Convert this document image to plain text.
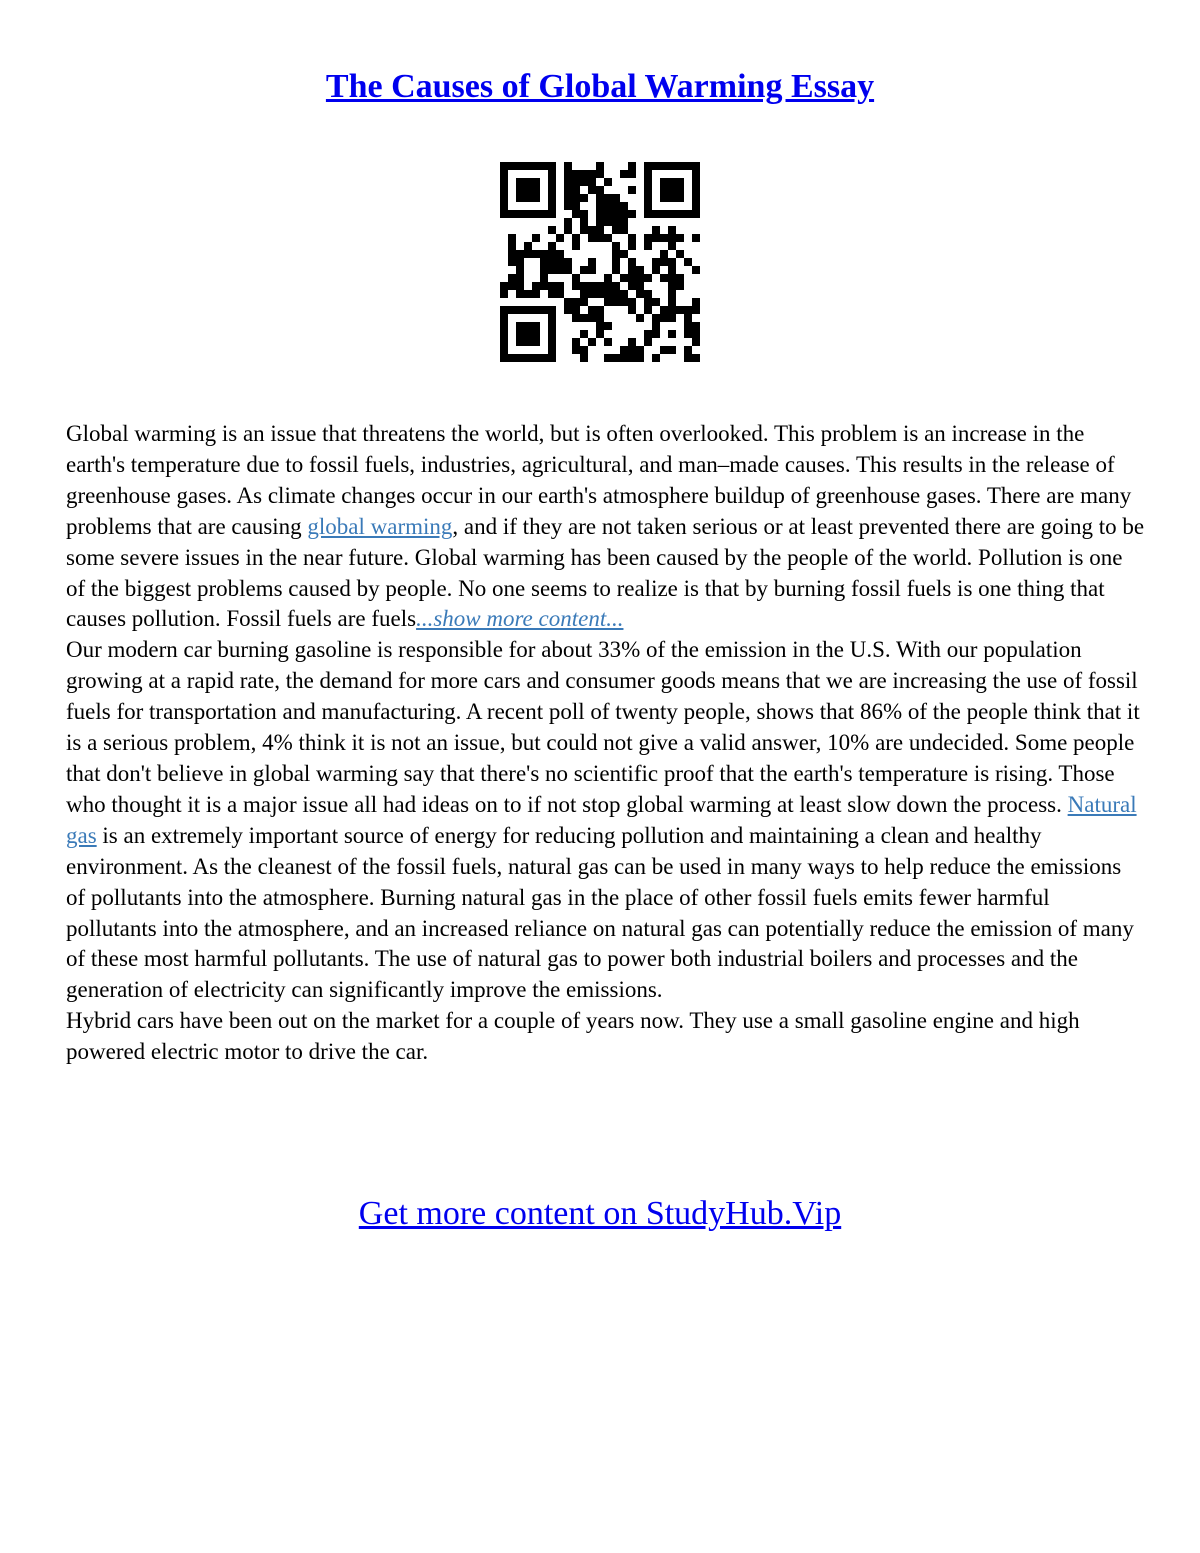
The Causes of Global Warming Essay

Global warming is an issue that threatens the world, but is often overlooked. This problem is an increase in the earth's temperature due to fossil fuels, industries, agricultural, and man–made causes. This results in the release of greenhouse gases. As climate changes occur in our earth's atmosphere buildup of greenhouse gases. There are many problems that are causing global warming, and if they are not taken serious or at least prevented there are going to be some severe issues in the near future. Global warming has been caused by the people of the world. Pollution is one of the biggest problems caused by people. No one seems to realize is that by burning fossil fuels is one thing that causes pollution. Fossil fuels are fuels...show more content...

Our modern car burning gasoline is responsible for about 33% of the emission in the U.S. With our population growing at a rapid rate, the demand for more cars and consumer goods means that we are increasing the use of fossil fuels for transportation and manufacturing. A recent poll of twenty people, shows that 86% of the people think that it is a serious problem, 4% think it is not an issue, but could not give a valid answer, 10% are undecided. Some people that don't believe in global warming say that there's no scientific proof that the earth's temperature is rising. Those who thought it is a major issue all had ideas on to if not stop global warming at least slow down the process. Natural gas is an extremely important source of energy for reducing pollution and maintaining a clean and healthy environment. As the cleanest of the fossil fuels, natural gas can be used in many ways to help reduce the emissions of pollutants into the atmosphere. Burning natural gas in the place of other fossil fuels emits fewer harmful pollutants into the atmosphere, and an increased reliance on natural gas can potentially reduce the emission of many of these most harmful pollutants. The use of natural gas to power both industrial boilers and processes and the generation of electricity can significantly improve the emissions.

Hybrid cars have been out on the market for a couple of years now. They use a small gasoline engine and high powered electric motor to drive the car.

Get more content on StudyHub.Vip
